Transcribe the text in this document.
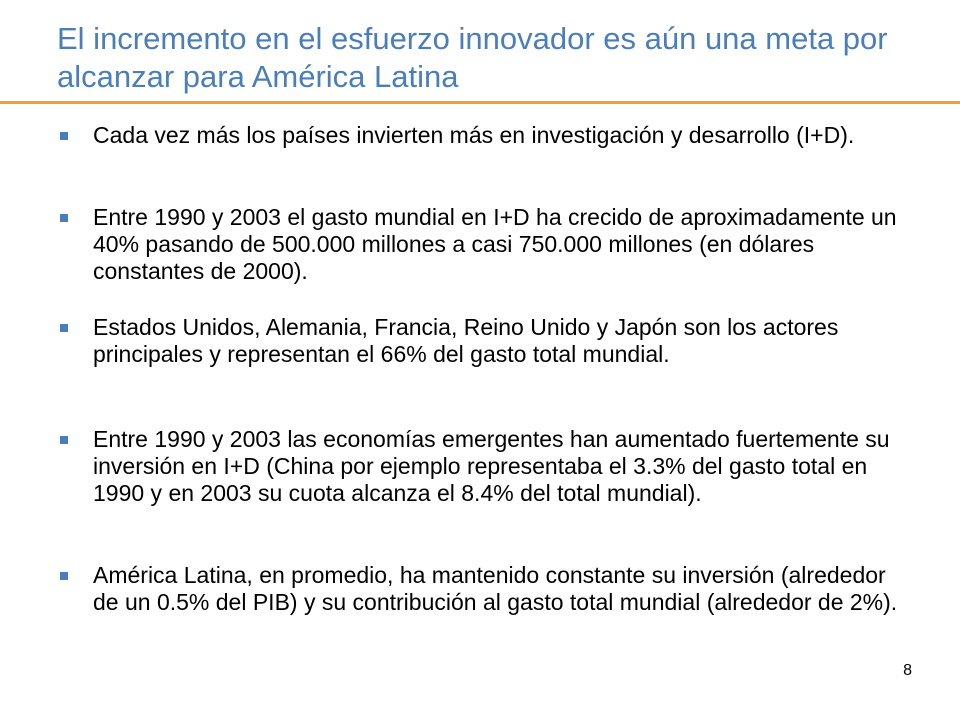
El incremento en el esfuerzo innovador es aún una meta por alcanzar para América Latina
Cada vez más los países invierten más en investigación y desarrollo (I+D).
Entre 1990 y 2003 el gasto mundial en I+D ha crecido de aproximadamente un 40% pasando de 500.000 millones a casi 750.000 millones (en dólares constantes de 2000).
Estados Unidos, Alemania, Francia, Reino Unido y Japón son los actores principales y representan el 66% del gasto total mundial.
Entre 1990 y 2003 las economías emergentes han aumentado fuertemente su inversión en I+D (China por ejemplo representaba el 3.3% del gasto total en 1990 y en 2003 su cuota alcanza el 8.4% del total mundial).
América Latina, en promedio, ha mantenido constante su inversión (alrededor de un 0.5% del PIB) y su contribución al gasto total mundial (alrededor de 2%).
8
